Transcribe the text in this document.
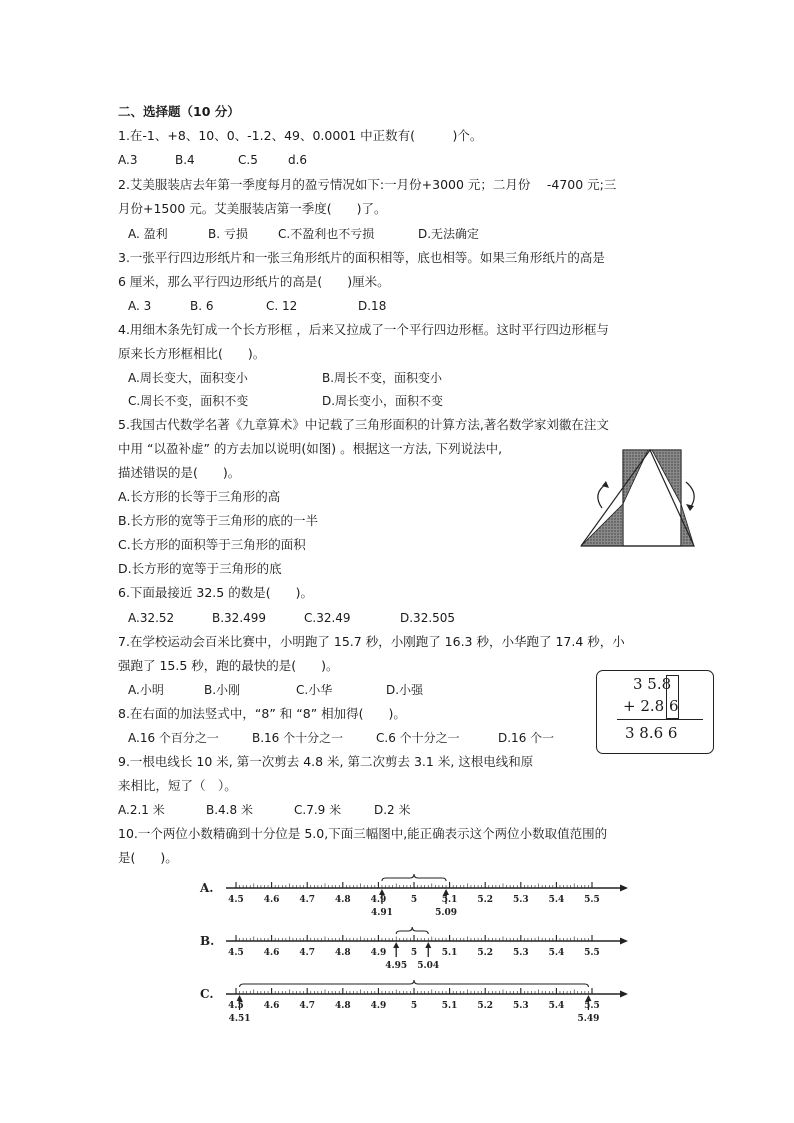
二、选择题（10 分）
1.在-1、+8、10、0、-1.2、49、0.0001 中正数有(　　　)个。
A.3	B.4	C.5	d.6
2.艾美服装店去年第一季度每月的盈亏情况如下:一月份+3000 元；二月份　 -4700 元;三
月份+1500 元。艾美服装店第一季度(　　)了。
A. 盈利	B. 亏损	C.不盈利也不亏损	D.无法确定
3.一张平行四边形纸片和一张三角形纸片的面积相等，底也相等。如果三角形纸片的高是
6 厘米，那么平行四边形纸片的高是(　　)厘米。
A. 3	B. 6	C. 12	D.18
4.用细木条先钉成一个长方形框 ，后来又拉成了一个平行四边形框。这时平行四边形框与
原来长方形框相比(　　)。
A.周长变大，面积变小	B.周长不变，面积变小
C.周长不变，面积不变	D.周长变小，面积不变
5.我国古代数学名著《九章算术》中记载了三角形面积的计算方法,著名数学家刘徽在注文
中用 “以盈补虚” 的方去加以说明(如图) 。根据这一方法, 下列说法中,
描述错误的是(　　)。
A.长方形的长等于三角形的高
B.长方形的宽等于三角形的底的一半
C.长方形的面积等于三角形的面积
D.长方形的宽等于三角形的底
6.下面最接近 32.5 的数是(　　)。
A.32.52	B.32.499	C.32.49	D.32.505
7.在学校运动会百米比赛中，小明跑了 15.7 秒，小刚跑了 16.3 秒，小华跑了 17.4 秒，小
强跑了 15.5 秒，跑的最快的是(　　)。
A.小明	B.小刚	C.小华	D.小强
8.在右面的加法竖式中，“8” 和 “8” 相加得(　　)。
A.16 个百分之一	B.16 个十分之一	C.6 个十分之一	D.16 个一
3 5.8
+ 2.8 6
3 8.6 6
9.一根电线长 10 米, 第一次剪去 4.8 米, 第二次剪去 3.1 米, 这根电线和原
来相比，短了（　）。
A.2.1 米	B.4.8 米	C.7.9 米	D.2 米
10.一个两位小数精确到十分位是 5.0,下面三幅图中,能正确表示这个两位小数取值范围的
是(　　)。
A.
4.5 4.6 4.7 4.8 4.9	5	5.1 5.2 5.3 5.4 5.5
4.91	5.09
B.
4.5 4.6 4.7 4.8 4.9	5	5.1 5.2 5.3 5.4 5.5
4.95 5.04
C.
4.5 4.6 4.7 4.8 4.9	5	5.1 5.2 5.3 5.4 5.5
4.51	5.49
